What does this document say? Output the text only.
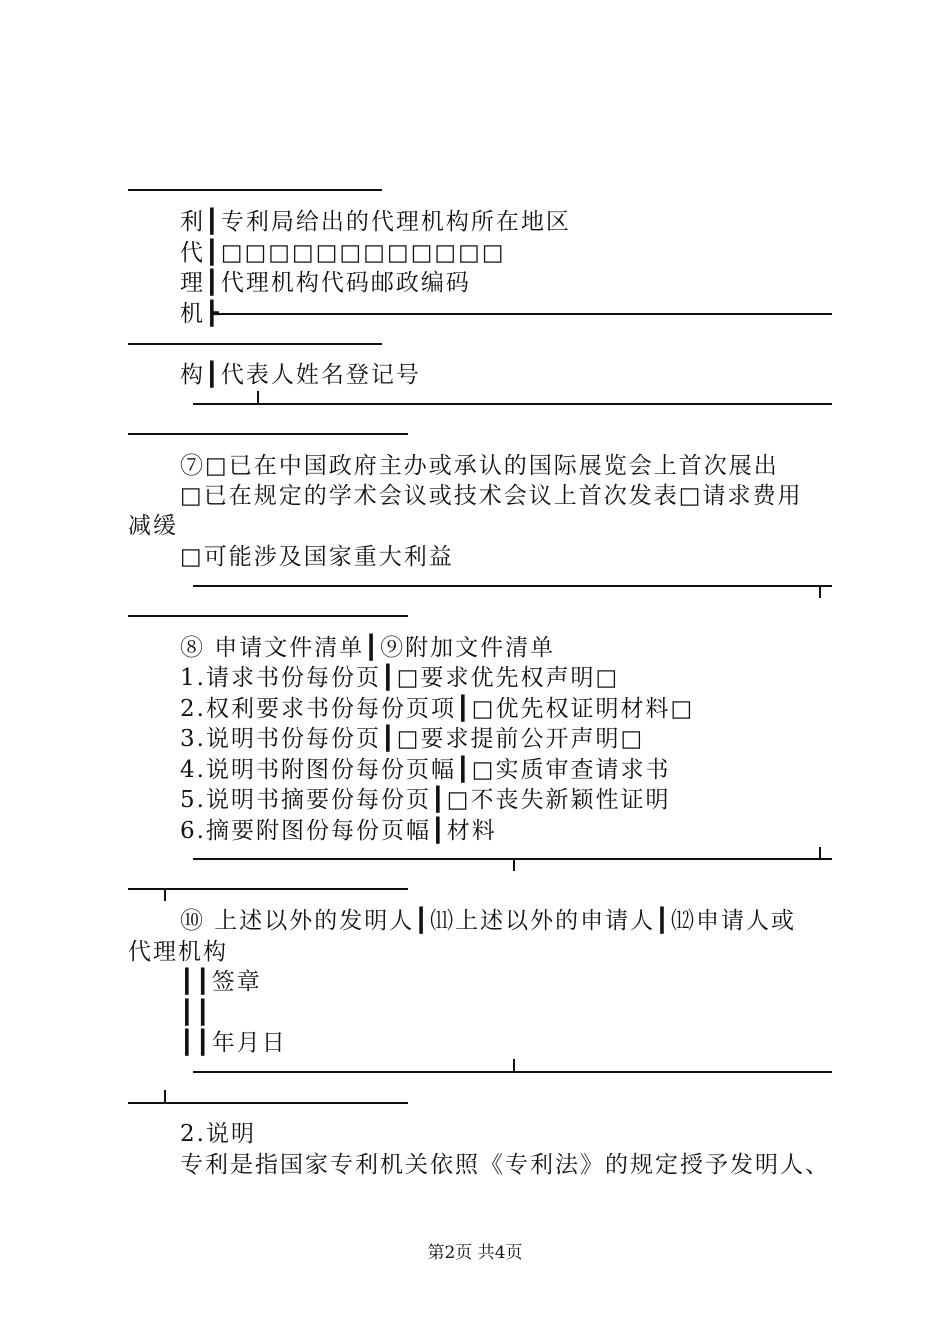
利┃专利局给出的代理机构所在地区
代┃□□□□□□□□□□□□
理┃代理机构代码邮政编码
机┣
构┃代表人姓名登记号
⑦□已在中国政府主办或承认的国际展览会上首次展出
□已在规定的学术会议或技术会议上首次发表□请求费用
减缓
□可能涉及国家重大利益
⑧ 申请文件清单┃⑨附加文件清单
1.请求书份每份页┃□要求优先权声明□
2.权利要求书份每份页项┃□优先权证明材料□
3.说明书份每份页┃□要求提前公开声明□
4.说明书附图份每份页幅┃□实质审查请求书
5.说明书摘要份每份页┃□不丧失新颖性证明
6.摘要附图份每份页幅┃材料
⑩ 上述以外的发明人┃⑾上述以外的申请人┃⑿申请人或
代理机构
┃┃签章
┃┃
┃┃年月日
2.说明
专利是指国家专利机关依照《专利法》的规定授予发明人、
第2页 共4页
